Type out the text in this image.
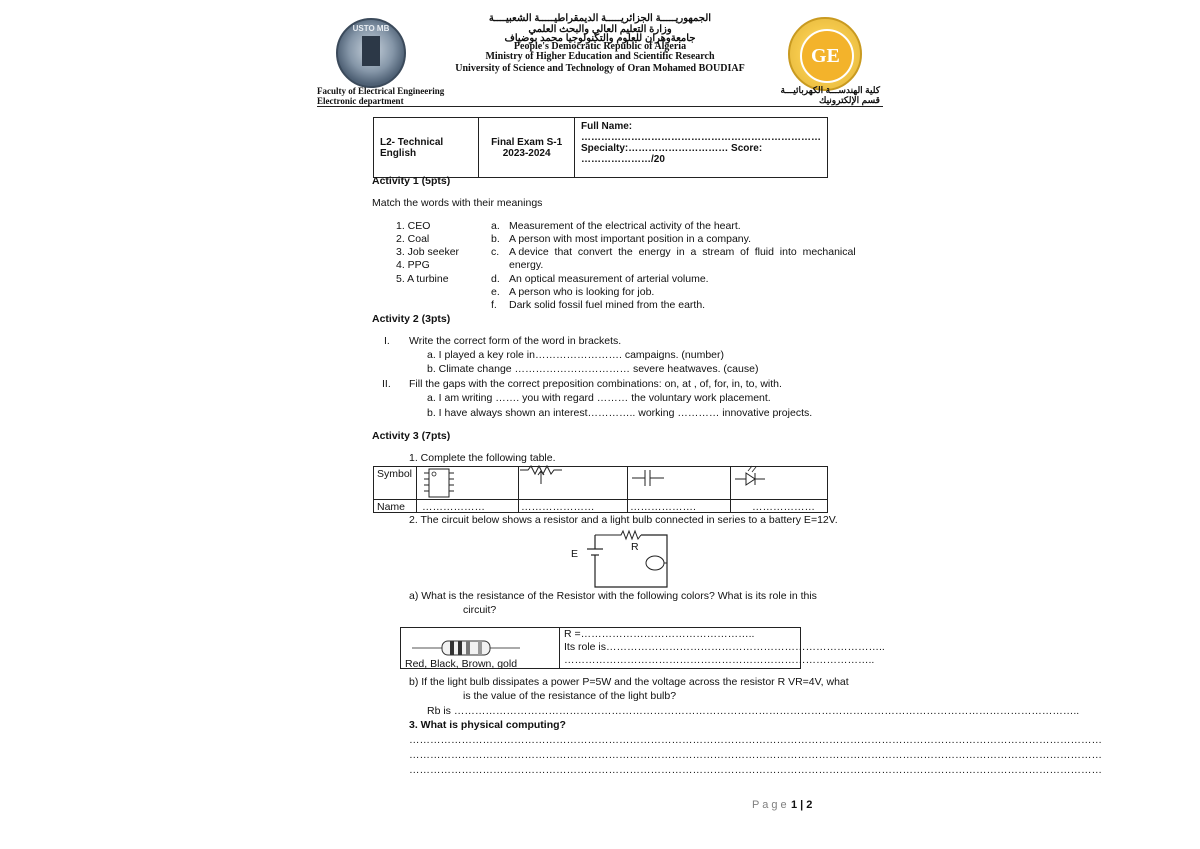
USTO MB
GE
الجمهوريـــــة الجزائريـــــة الديمقراطيـــــة الشعبيــــة
وزارة التعليم العالي والبحث العلمي
جامعةوهران للعلوم والتكنولوجيا محمد بوضياف
People's Democratic Republic of Algeria
Ministry of Higher Education and Scientific Research
University of Science and Technology of Oran Mohamed BOUDIAF
Faculty of Electrical Engineering
Electronic department
كلية الهندســـة الكهربائيـــة
قسم الإلكترونيك
L2- Technical English	
Final Exam S-1
2023-2024
	Full Name: ………………………………………………………………
Specialty:………………………… Score: …………………/20
Activity 1 (5pts)
Match the words with their meanings
1. CEO
2. Coal
3. Job seeker
4. PPG
5. A turbine
a. Measurement of the electrical activity of the heart.
b. A person with most important position in a company.
c. A device  that  convert  the  energy  in  a  stream  of  fluid  into  mechanical
energy.
d. An optical measurement of arterial volume.
e. A person who is looking for job.
f. Dark solid fossil fuel mined from the earth.
Activity 2 (3pts)
I. Write the correct form of the word in brackets.
a. I played a key role in……………………. campaigns. (number)
b. Climate change …………………………… severe heatwaves. (cause)
II. Fill the gaps with the correct preposition combinations: on, at , of, for, in, to, with.
a. I am writing ……. you with regard ……… the voluntary work placement.
b. I have always shown an interest………….. working ………… innovative projects.
Activity 3 (7pts)
1. Complete the following table.
Symbol
Name ………………	…………………	……………….	………………
2. The circuit below shows a resistor and a light bulb connected in series to a battery E=12V.
E
R
a) What is the resistance of the Resistor with the following colors? What is its role in this
circuit?
Red, Black, Brown, gold
R =…………………………………………..
Its role is……………………………………………………………………..
……………………………………………………………………………..
b) If the light bulb dissipates a power P=5W and the voltage across the resistor R VR=4V, what
is the value of the resistance of the light bulb?
Rb is ……………………………………………………………………………………………………………………………………………………………..
3. What is physical computing?
………………………………………………………………………………………………………………………………………………………………………………
………………………………………………………………………………………………………………………………………………………………………………
………………………………………………………………………………………………………………………………………………………………………………
P a g e 1 | 2
